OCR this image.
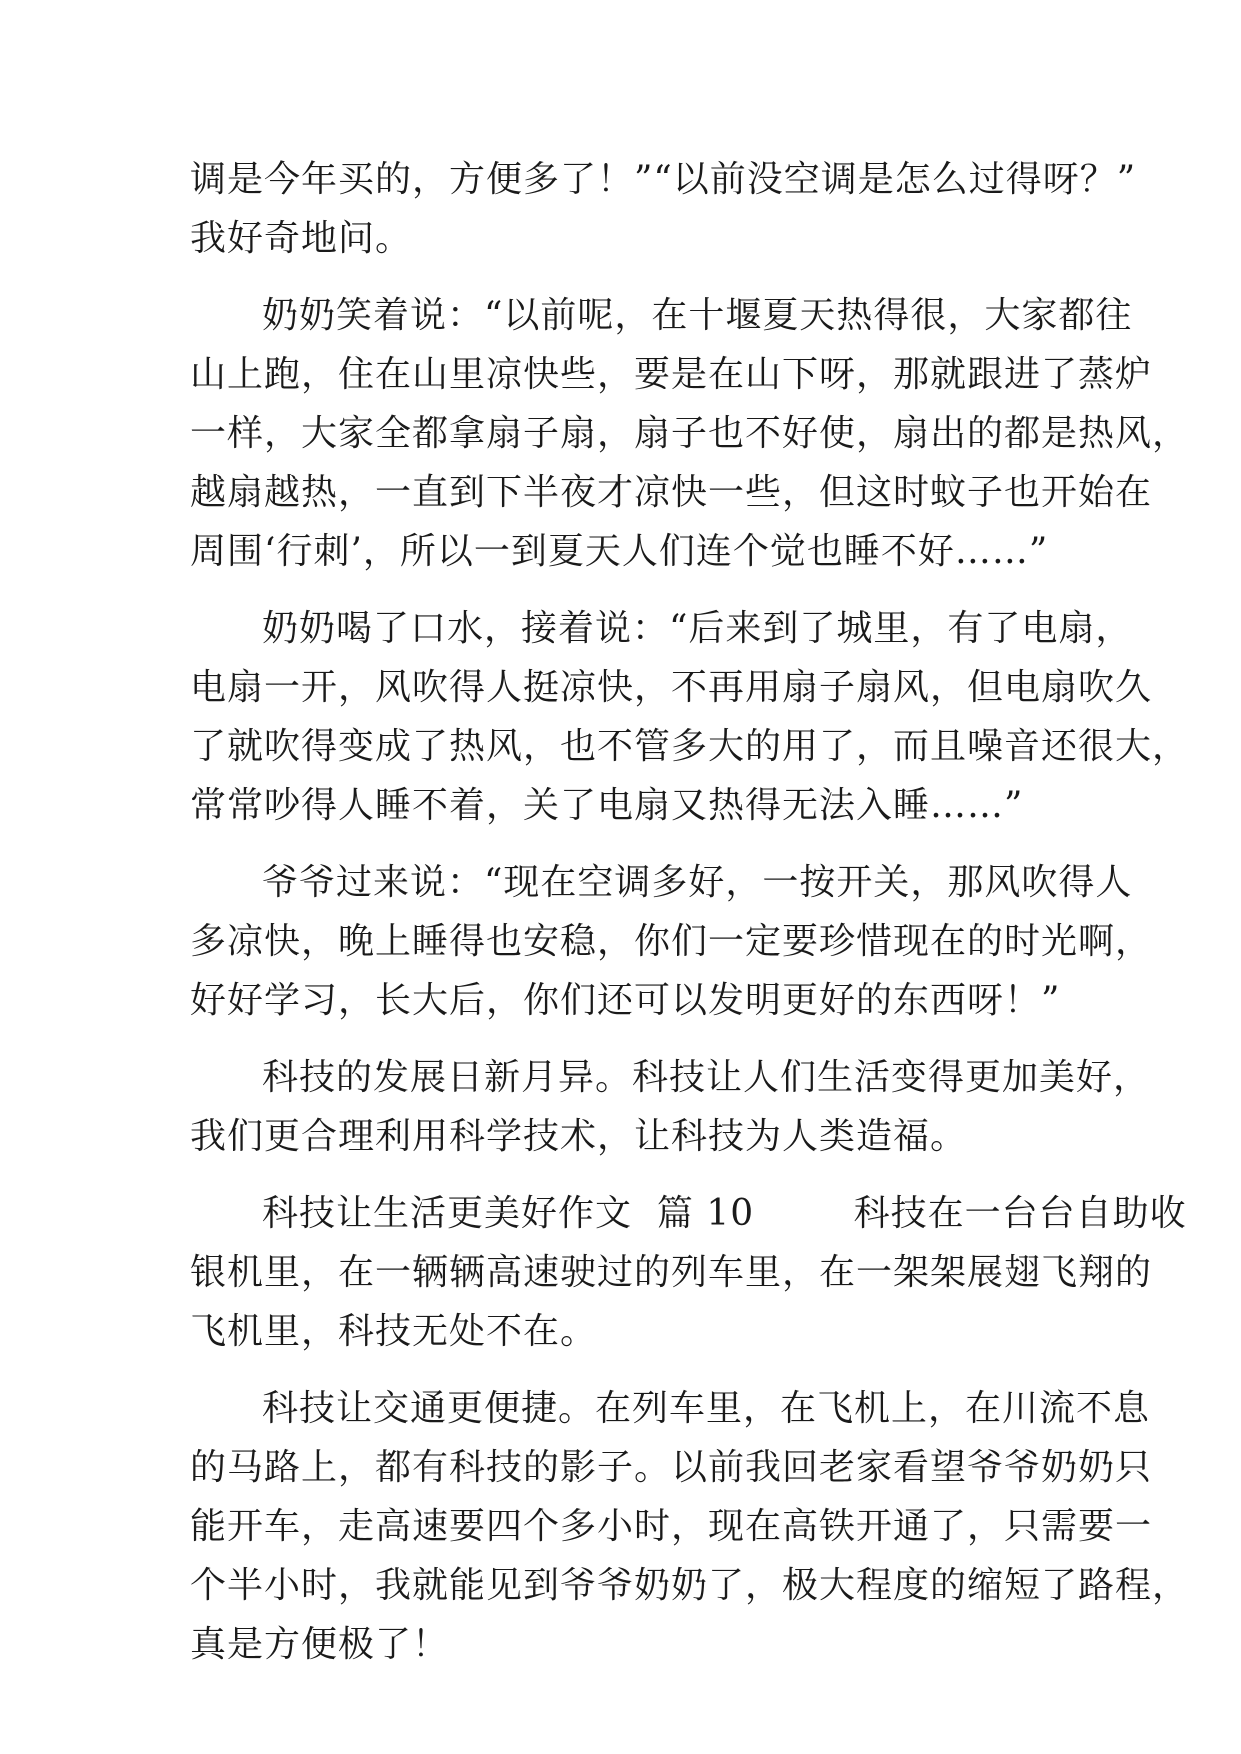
调是今年买的，方便多了！”“以前没空调是怎么过得呀？”
我好奇地问。
奶奶笑着说：“以前呢，在十堰夏天热得很，大家都往
山上跑，住在山里凉快些，要是在山下呀，那就跟进了蒸炉
一样，大家全都拿扇子扇，扇子也不好使，扇出的都是热风，
越扇越热，一直到下半夜才凉快一些，但这时蚊子也开始在
周围‘行刺’，所以一到夏天人们连个觉也睡不好……”
奶奶喝了口水，接着说：“后来到了城里，有了电扇，
电扇一开，风吹得人挺凉快，不再用扇子扇风，但电扇吹久
了就吹得变成了热风，也不管多大的用了，而且噪音还很大，
常常吵得人睡不着，关了电扇又热得无法入睡……”
爷爷过来说：“现在空调多好，一按开关，那风吹得人
多凉快，晚上睡得也安稳，你们一定要珍惜现在的时光啊，
好好学习，长大后，你们还可以发明更好的东西呀！”
科技的发展日新月异。科技让人们生活变得更加美好，
我们更合理利用科学技术，让科技为人类造福。
科技让生活更美好作文  篇 10        科技在一台台自助收
银机里，在一辆辆高速驶过的列车里，在一架架展翅飞翔的
飞机里，科技无处不在。
科技让交通更便捷。在列车里，在飞机上，在川流不息
的马路上，都有科技的影子。以前我回老家看望爷爷奶奶只
能开车，走高速要四个多小时，现在高铁开通了，只需要一
个半小时，我就能见到爷爷奶奶了，极大程度的缩短了路程，
真是方便极了！
